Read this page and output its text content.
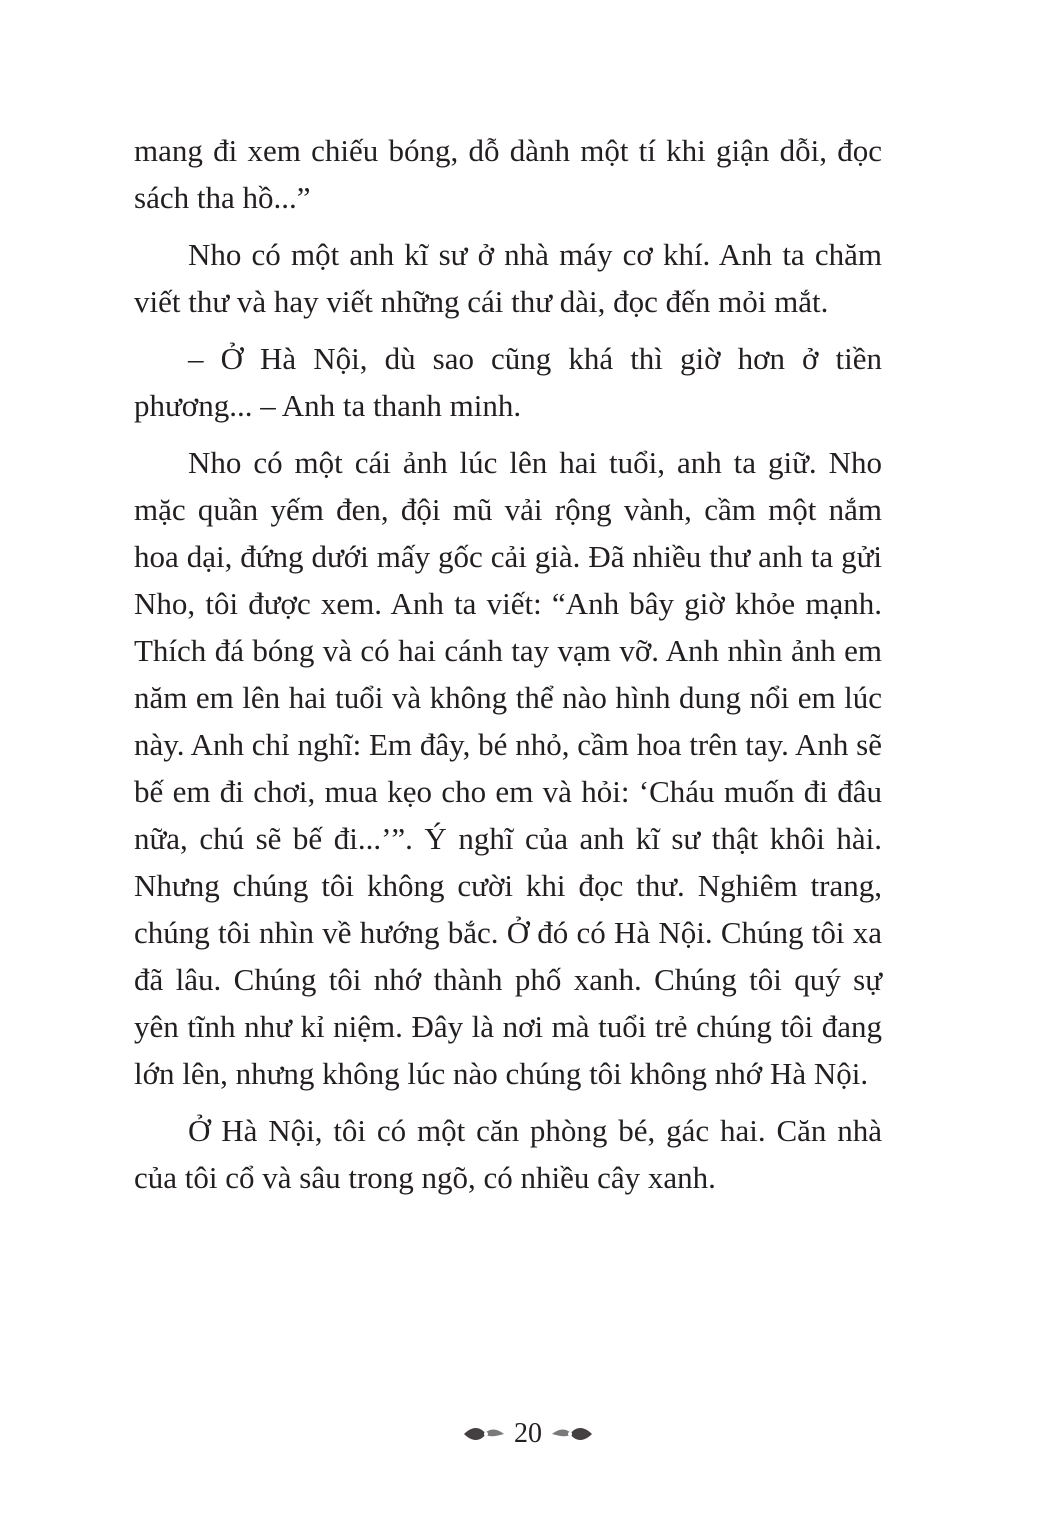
mang đi xem chiếu bóng, dỗ dành một tí khi giận dỗi, đọc sách tha hồ...”

Nho có một anh kĩ sư ở nhà máy cơ khí. Anh ta chăm viết thư và hay viết những cái thư dài, đọc đến mỏi mắt.

– Ở Hà Nội, dù sao cũng khá thì giờ hơn ở tiền phương... – Anh ta thanh minh.

Nho có một cái ảnh lúc lên hai tuổi, anh ta giữ. Nho mặc quần yếm đen, đội mũ vải rộng vành, cầm một nắm hoa dại, đứng dưới mấy gốc cải già. Đã nhiều thư anh ta gửi Nho, tôi được xem. Anh ta viết: “Anh bây giờ khỏe mạnh. Thích đá bóng và có hai cánh tay vạm vỡ. Anh nhìn ảnh em năm em lên hai tuổi và không thể nào hình dung nổi em lúc này. Anh chỉ nghĩ: Em đây, bé nhỏ, cầm hoa trên tay. Anh sẽ bế em đi chơi, mua kẹo cho em và hỏi: ‘Cháu muốn đi đâu nữa, chú sẽ bế đi...’”. Ý nghĩ của anh kĩ sư thật khôi hài. Nhưng chúng tôi không cười khi đọc thư. Nghiêm trang, chúng tôi nhìn về hướng bắc. Ở đó có Hà Nội. Chúng tôi xa đã lâu. Chúng tôi nhớ thành phố xanh. Chúng tôi quý sự yên tĩnh như kỉ niệm. Đây là nơi mà tuổi trẻ chúng tôi đang lớn lên, nhưng không lúc nào chúng tôi không nhớ Hà Nội.

Ở Hà Nội, tôi có một căn phòng bé, gác hai. Căn nhà của tôi cổ và sâu trong ngõ, có nhiều cây xanh.

20
